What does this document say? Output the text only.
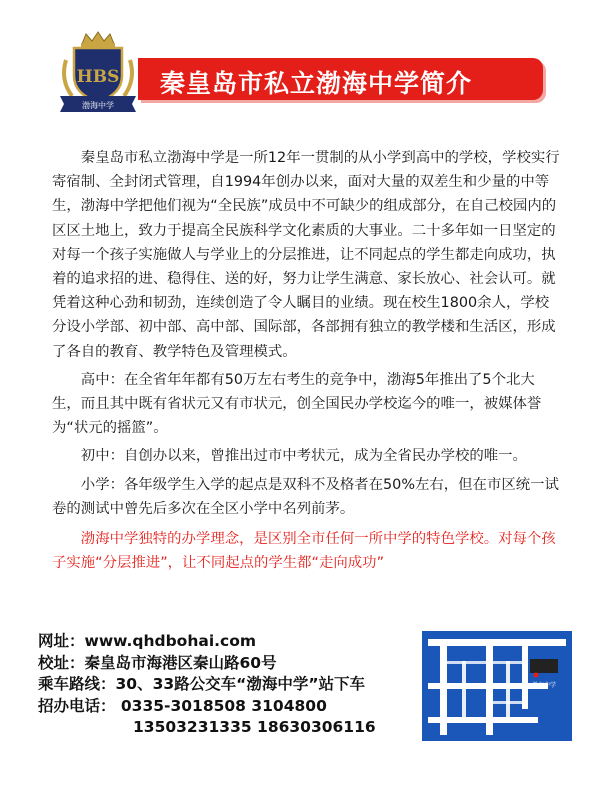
HBS
渤海中学
秦皇岛市私立渤海中学简介

秦皇岛市私立渤海中学是一所12年一贯制的从小学到高中的学校，学校实行寄宿制、全封闭式管理，自1994年创办以来，面对大量的双差生和少量的中等生，渤海中学把他们视为“全民族”成员中不可缺少的组成部分，在自己校园内的区区土地上，致力于提高全民族科学文化素质的大事业。二十多年如一日坚定的对每一个孩子实施做人与学业上的分层推进，让不同起点的学生都走向成功，执着的追求招的进、稳得住、送的好，努力让学生满意、家长放心、社会认可。就凭着这种心劲和韧劲，连续创造了令人瞩目的业绩。现在校生1800余人，学校分设小学部、初中部、高中部、国际部，各部拥有独立的教学楼和生活区，形成了各自的教育、教学特色及管理模式。

高中：在全省年年都有50万左右考生的竞争中，渤海5年推出了5个北大生，而且其中既有省状元又有市状元，创全国民办学校迄今的唯一，被媒体誉为“状元的摇篮”。

初中：自创办以来，曾推出过市中考状元，成为全省民办学校的唯一。

小学：各年级学生入学的起点是双科不及格者在50%左右，但在市区统一试卷的测试中曾先后多次在全区小学中名列前茅。

渤海中学独特的办学理念，是区别全市任何一所中学的特色学校。对每个孩子实施“分层推进”，让不同起点的学生都“走向成功”

网址：www.qhdbohai.com
校址：秦皇岛市海港区秦山路60号
乘车路线：30、33路公交车“渤海中学”站下车
招办电话： 0335-3018508 3104800
13503231335 18630306116
渤海中学
